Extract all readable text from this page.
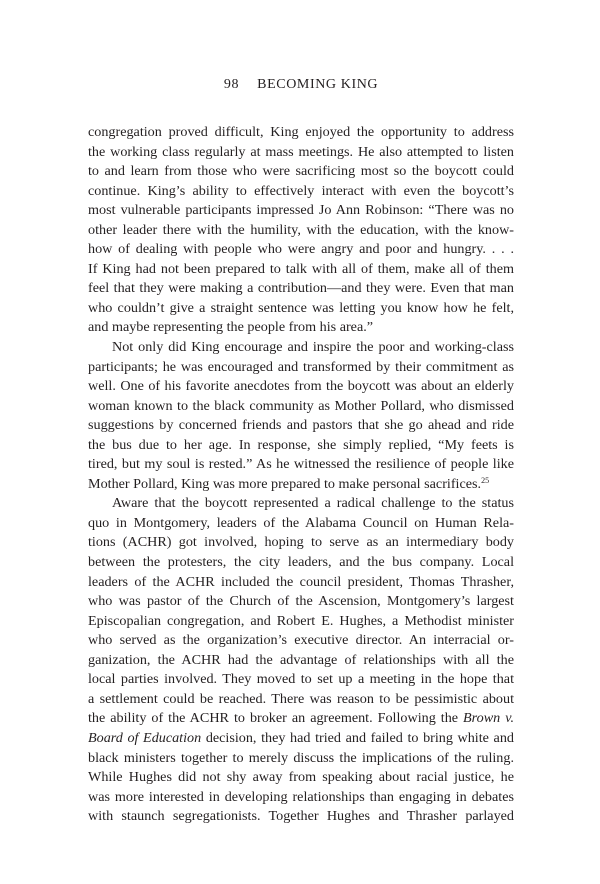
98 BECOMING KING

congregation proved difficult, King enjoyed the opportunity to address
the working class regularly at mass meetings. He also attempted to listen
to and learn from those who were sacrificing most so the boycott could
continue. King’s ability to effectively interact with even the boycott’s
most vulnerable participants impressed Jo Ann Robinson: “There was no
other leader there with the humility, with the education, with the know-
how of dealing with people who were angry and poor and hungry. . . .
If King had not been prepared to talk with all of them, make all of them
feel that they were making a contribution—and they were. Even that man
who couldn’t give a straight sentence was letting you know how he felt,
and maybe representing the people from his area.”

Not only did King encourage and inspire the poor and working-class
participants; he was encouraged and transformed by their commitment as
well. One of his favorite anecdotes from the boycott was about an elderly
woman known to the black community as Mother Pollard, who dismissed
suggestions by concerned friends and pastors that she go ahead and ride
the bus due to her age. In response, she simply replied, “My feets is
tired, but my soul is rested.” As he witnessed the resilience of people like
Mother Pollard, King was more prepared to make personal sacrifices.$^{25}$

Aware that the boycott represented a radical challenge to the status
quo in Montgomery, leaders of the Alabama Council on Human Rela-
tions (ACHR) got involved, hoping to serve as an intermediary body
between the protesters, the city leaders, and the bus company. Local
leaders of the ACHR included the council president, Thomas Thrasher,
who was pastor of the Church of the Ascension, Montgomery’s largest
Episcopalian congregation, and Robert E. Hughes, a Methodist minister
who served as the organization’s executive director. An interracial or-
ganization, the ACHR had the advantage of relationships with all the
local parties involved. They moved to set up a meeting in the hope that
a settlement could be reached. There was reason to be pessimistic about
the ability of the ACHR to broker an agreement. Following the Brown v.
Board of Education decision, they had tried and failed to bring white and
black ministers together to merely discuss the implications of the ruling.
While Hughes did not shy away from speaking about racial justice, he
was more interested in developing relationships than engaging in debates
with staunch segregationists. Together Hughes and Thrasher parlayed
